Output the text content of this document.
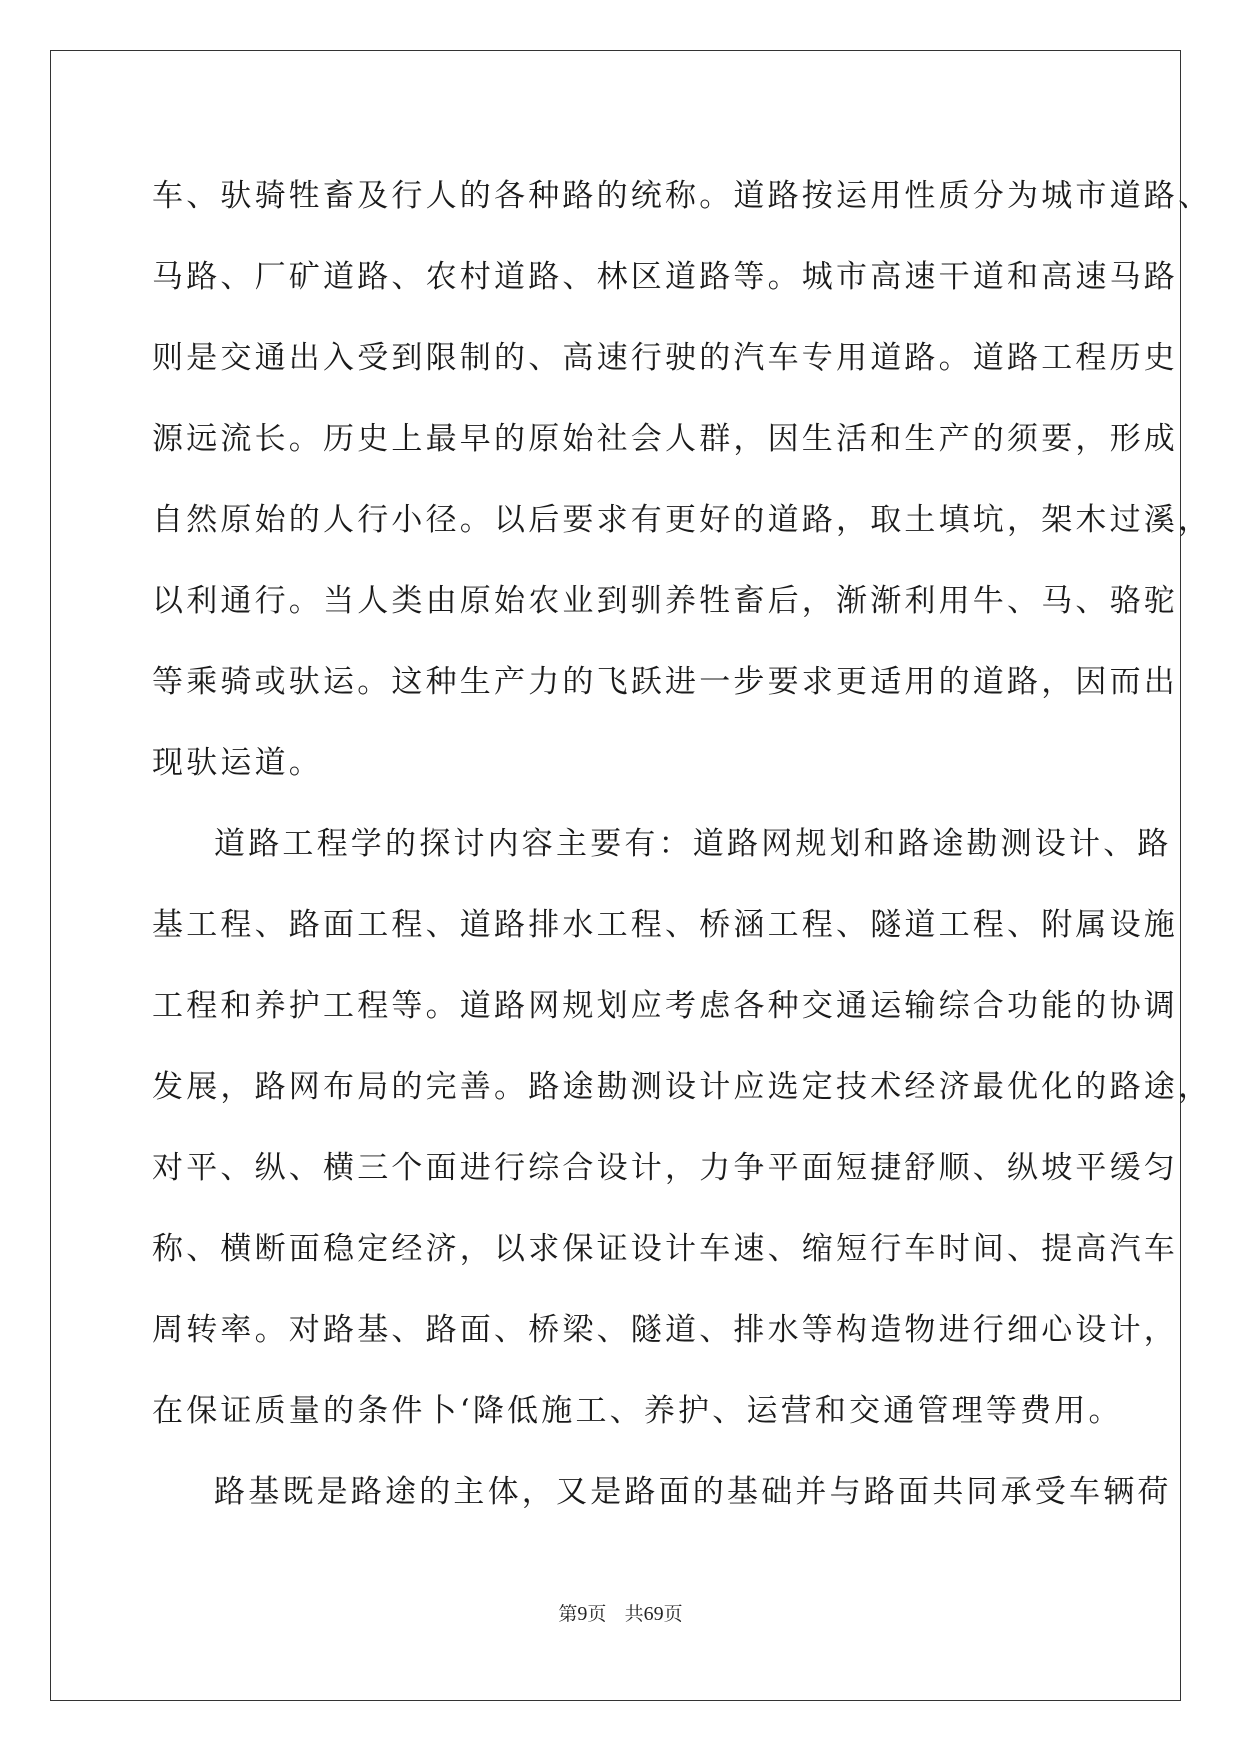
车、驮骑牲畜及行人的各种路的统称。道路按运用性质分为城市道路、
马路、厂矿道路、农村道路、林区道路等。城市高速干道和高速马路
则是交通出入受到限制的、高速行驶的汽车专用道路。道路工程历史
源远流长。历史上最早的原始社会人群，因生活和生产的须要，形成
自然原始的人行小径。以后要求有更好的道路，取土填坑，架木过溪，
以利通行。当人类由原始农业到驯养牲畜后，渐渐利用牛、马、骆驼
等乘骑或驮运。这种生产力的飞跃进一步要求更适用的道路，因而出
现驮运道。
道路工程学的探讨内容主要有：道路网规划和路途勘测设计、路
基工程、路面工程、道路排水工程、桥涵工程、隧道工程、附属设施
工程和养护工程等。道路网规划应考虑各种交通运输综合功能的协调
发展，路网布局的完善。路途勘测设计应选定技术经济最优化的路途，
对平、纵、横三个面进行综合设计，力争平面短捷舒顺、纵坡平缓匀
称、横断面稳定经济，以求保证设计车速、缩短行车时间、提高汽车
周转率。对路基、路面、桥梁、隧道、排水等构造物进行细心设计，
在保证质量的条件卜‘降低施工、养护、运营和交通管理等费用。
路基既是路途的主体，又是路面的基础并与路面共同承受车辆荷
第9页 共69页
